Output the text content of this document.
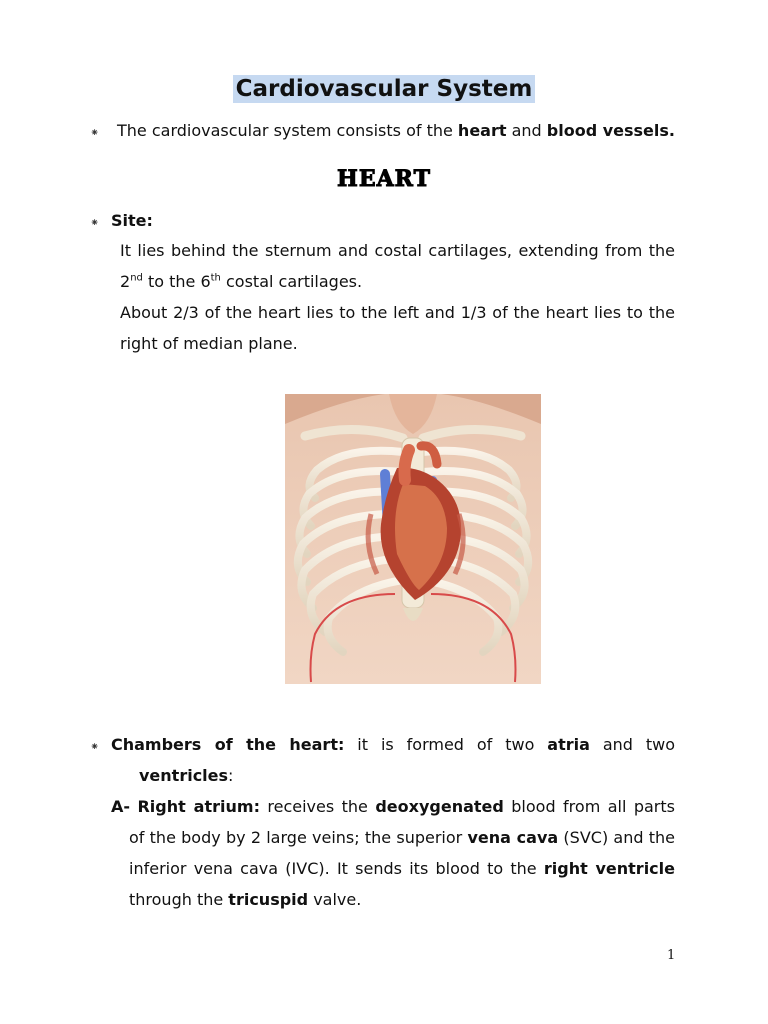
Cardiovascular System
⁕ The cardiovascular system consists of the heart and blood vessels.
HEART
⁕ Site:
It lies behind the sternum and costal cartilages, extending from the
2nd to the 6th costal cartilages.
About 2/3 of the heart lies to the left and 1/3 of the heart lies to the
right of median plane.
⁕ Chambers of the heart: it is formed of two atria and two
ventricles:
A- Right atrium: receives the deoxygenated blood from all parts
of the body by 2 large veins; the superior vena cava (SVC) and the
inferior vena cava (IVC). It sends its blood to the right ventricle
through the tricuspid valve.
1
